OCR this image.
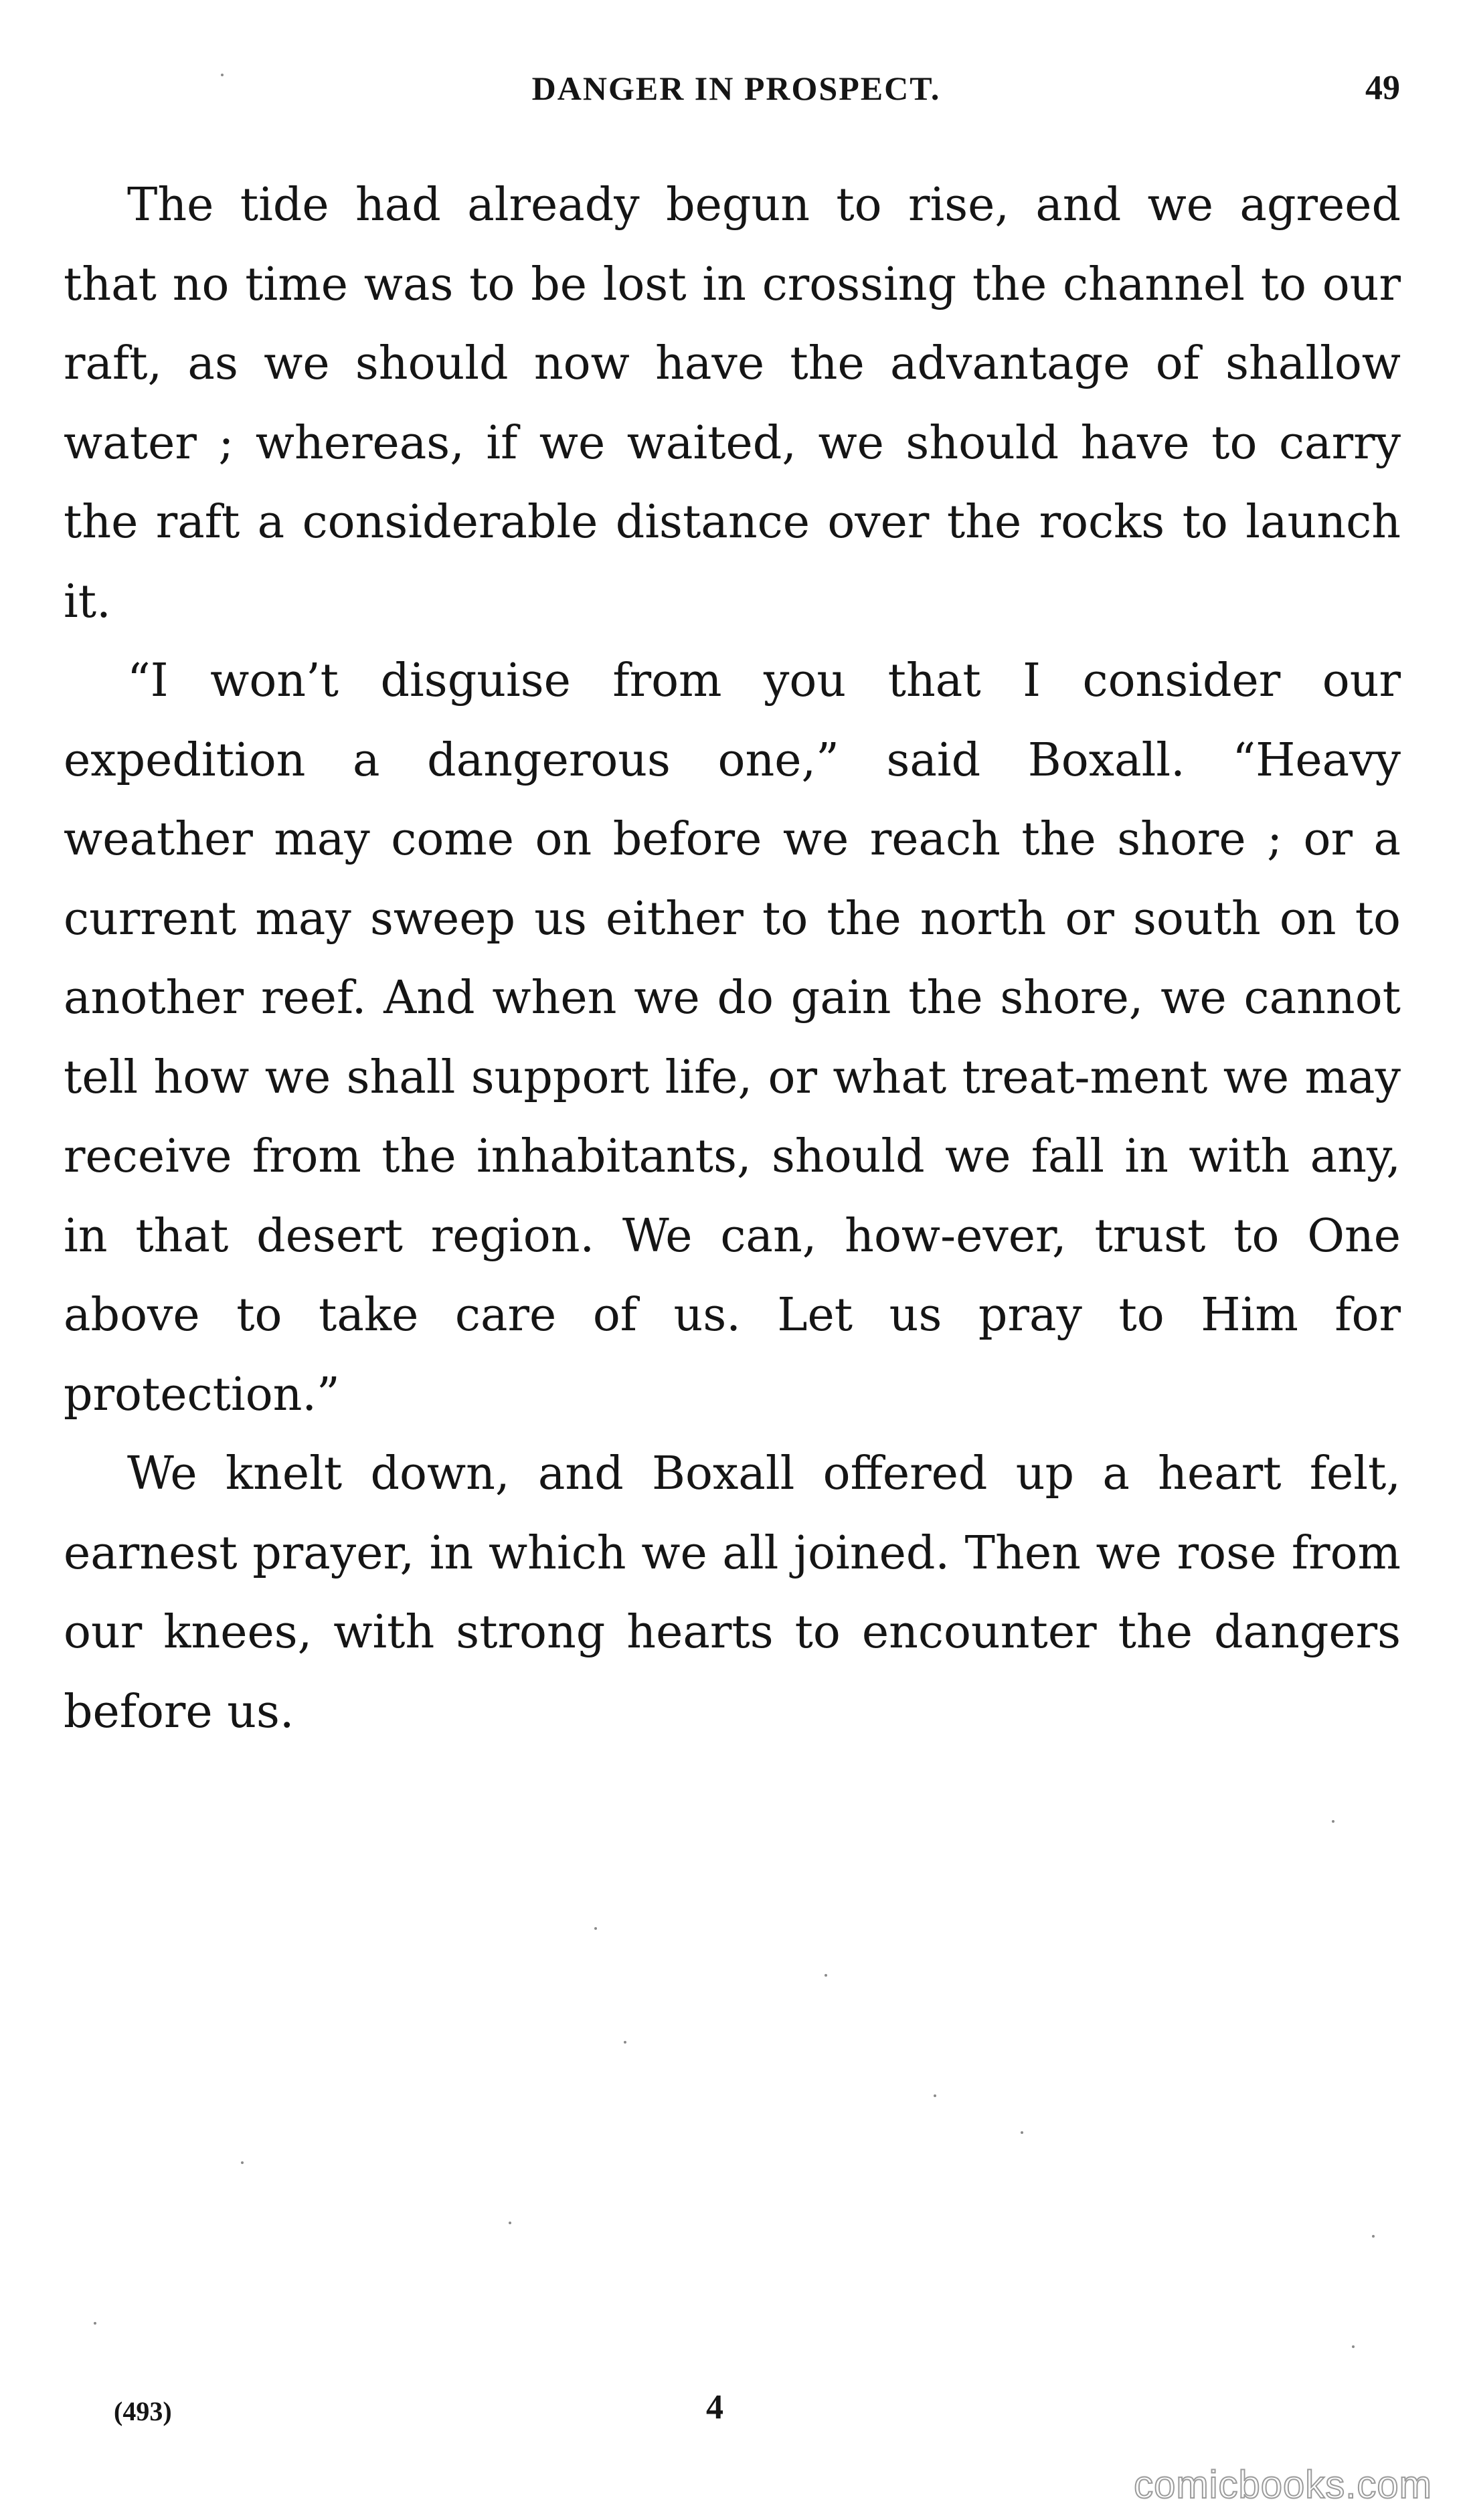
DANGER IN PROSPECT.	49

The tide had already begun to rise, and we agreed that no time was to be lost in crossing the channel to our raft, as we should now have the advantage of shallow water ; whereas, if we waited, we should have to carry the raft a considerable distance over the rocks to launch it.

“I won’t disguise from you that I consider our expedition a dangerous one,” said Boxall. “Heavy weather may come on before we reach the shore ; or a current may sweep us either to the north or south on to another reef. And when we do gain the shore, we cannot tell how we shall support life, or what treat-ment we may receive from the inhabitants, should we fall in with any, in that desert region. We can, how-ever, trust to One above to take care of us. Let us pray to Him for protection.”

We knelt down, and Boxall offered up a heart felt, earnest prayer, in which we all joined. Then we rose from our knees, with strong hearts to encounter the dangers before us.

(493)	4
comicbooks.com
